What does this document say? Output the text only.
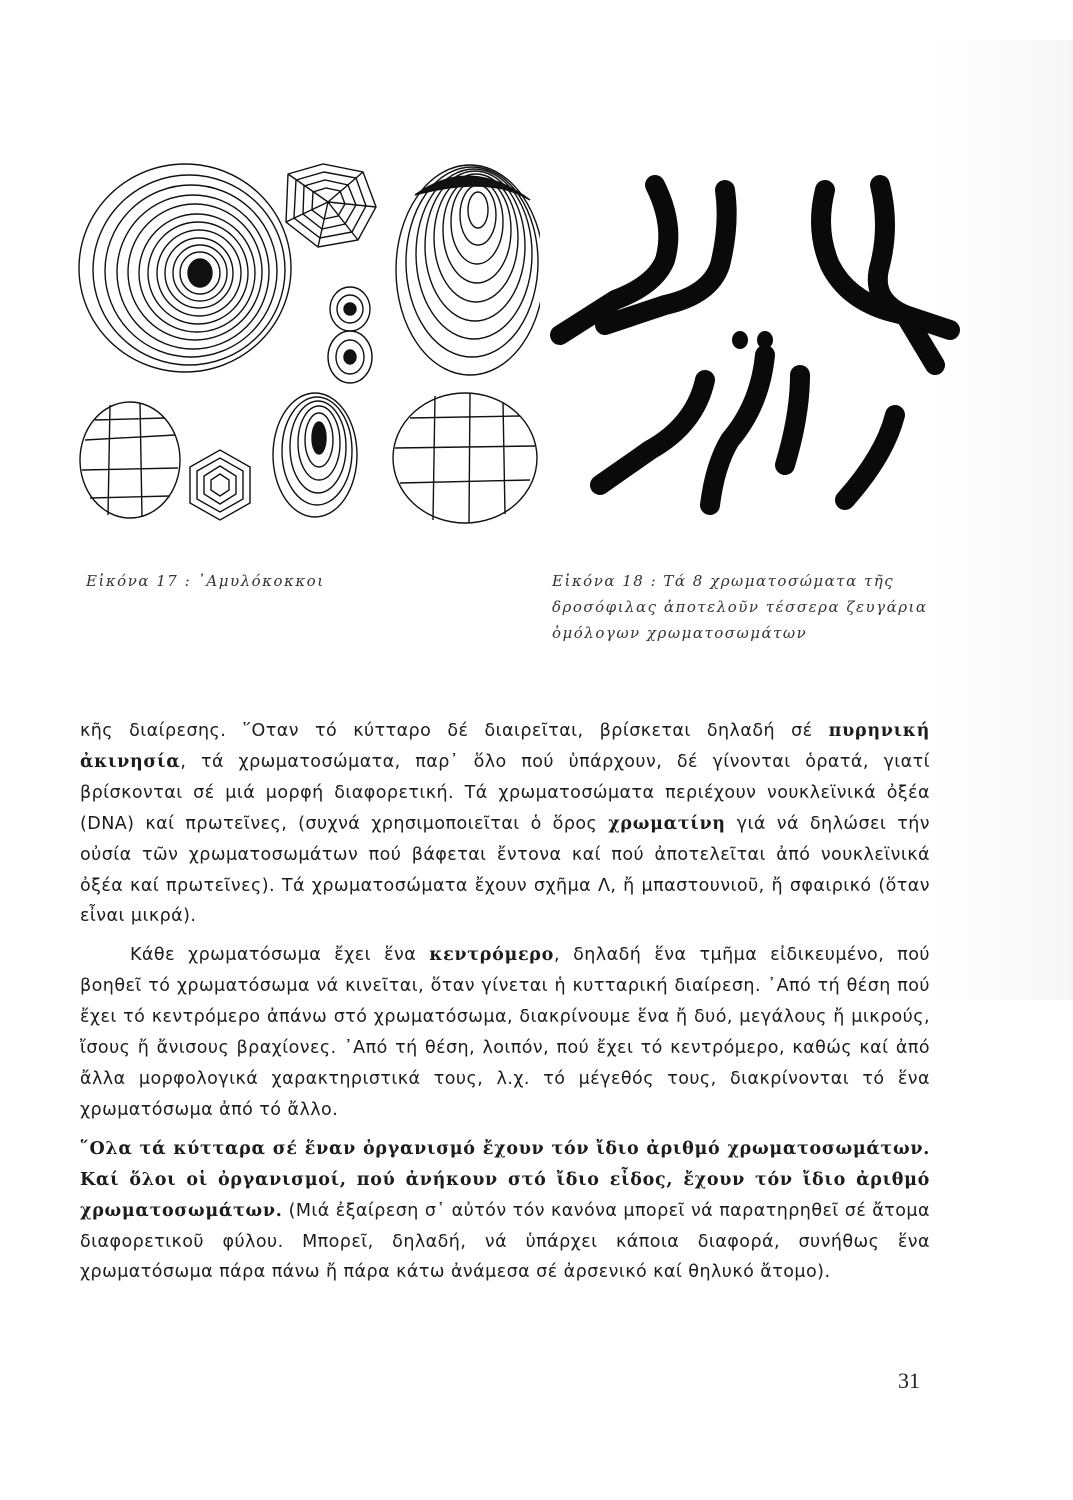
Εἰκόνα 17 : ᾿Αμυλόκοκκοι	Εἰκόνα 18 : Τά 8 χρωματοσώματα τῆς
δροσόφιλας ἀποτελοῦν τέσσερα ζευγάρια
ὁμόλογων χρωματοσωμάτων

κῆς διαίρεσης. ῞Οταν τό κύτταρο δέ διαιρεῖται, βρίσκεται δηλαδή σέ πυρηνική ἀκινησία, τά χρωματοσώματα, παρ᾿ ὅλο πού ὑπάρχουν, δέ γίνονται ὁρατά, γιατί βρίσκονται σέ μιά μορφή διαφορετική. Τά χρωματοσώματα περιέχουν νουκλεϊνικά ὀξέα (DNA) καί πρωτεῖνες, (συχνά χρησιμοποιεῖται ὁ ὅρος χρωματίνη γιά νά δηλώσει τήν οὐσία τῶν χρωματοσωμάτων πού βάφεται ἔντονα καί πού ἀποτελεῖται ἀπό νουκλεϊνικά ὀξέα καί πρωτεῖνες). Τά χρωματοσώματα ἔχουν σχῆμα Λ, ἤ μπαστουνιοῦ, ἤ σφαιρικό (ὅταν εἶναι μικρά).

Κάθε χρωματόσωμα ἔχει ἕνα κεντρόμερο, δηλαδή ἕνα τμῆμα εἰδικευμένο, πού βοηθεῖ τό χρωματόσωμα νά κινεῖται, ὅταν γίνεται ἡ κυτταρική διαίρεση. ᾿Από τή θέση πού ἔχει τό κεντρόμερο ἀπάνω στό χρωματόσωμα, διακρίνουμε ἕνα ἤ δυό, μεγάλους ἤ μικρούς, ἴσους ἤ ἄνισους βραχίονες. ᾿Από τή θέση, λοιπόν, πού ἔχει τό κεντρόμερο, καθώς καί ἀπό ἄλλα μορφολογικά χαρακτηριστικά τους, λ.χ. τό μέγεθός τους, διακρίνονται τό ἕνα χρωματόσωμα ἀπό τό ἄλλο.

῞Ολα τά κύτταρα σέ ἕναν ὀργανισμό ἔχουν τόν ἴδιο ἀριθμό χρωματοσωμάτων. Καί ὅλοι οἱ ὀργανισμοί, πού ἀνήκουν στό ἴδιο εἶδος, ἔχουν τόν ἴδιο ἀριθμό χρωματοσωμάτων. (Μιά ἐξαίρεση σ᾿ αὐτόν τόν κανόνα μπορεῖ νά παρατηρηθεῖ σέ ἄτομα διαφορετικοῦ φύλου. Μπορεῖ, δηλαδή, νά ὑπάρχει κάποια διαφορά, συνήθως ἕνα χρωματόσωμα πάρα πάνω ἤ πάρα κάτω ἀνάμεσα σέ ἀρσενικό καί θηλυκό ἄτομο).

31
